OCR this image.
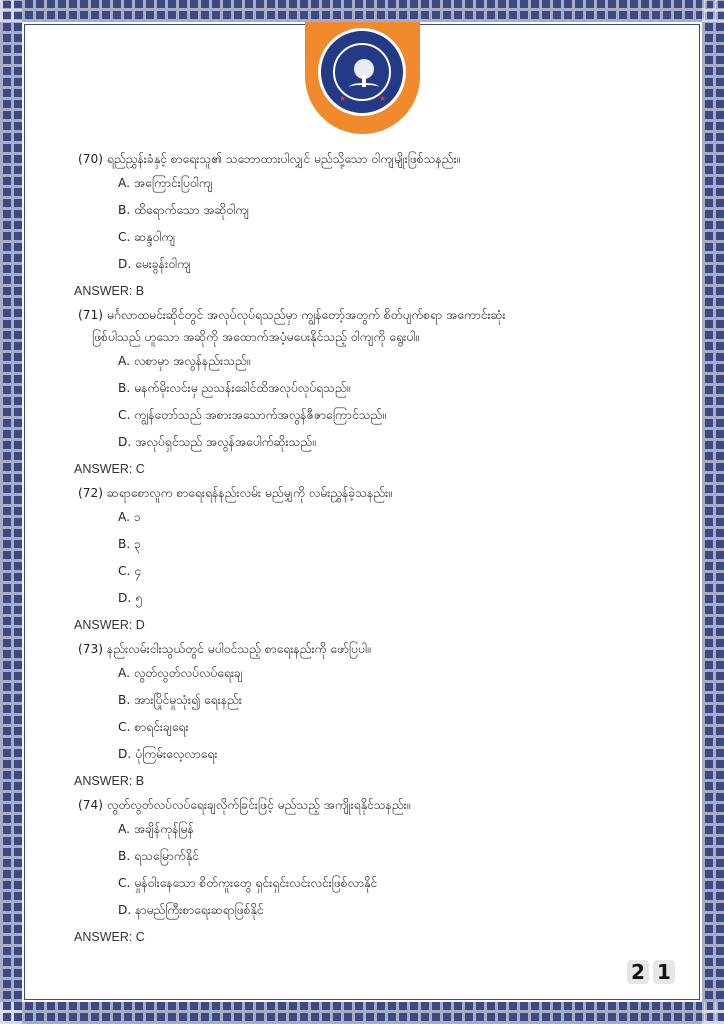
★	★

(70) ရည်ညွှန်းခံနှင့် စာရေးသူ၏ သဘောထားပါလျှင် မည်သို့သော ဝါကျမျိုးဖြစ်သနည်း။

A. အကြောင်းပြဝါကျ
B. ထိရောက်သော အဆိုဝါကျ
C. ဆန္ဒဝါကျ
D. မေးခွန်းဝါကျ
ANSWER: B

(71) မင်္ဂလာထမင်းဆိုင်တွင် အလုပ်လုပ်ရသည်မှာ ကျွန်တော့်အတွက် စိတ်ပျက်စရာ အကောင်းဆုံး

ဖြစ်ပါသည် ဟူသော အဆိုကို အထောက်အပံ့မပေးနိုင်သည့် ဝါကျကို ရွေးပါ။

A. လစာမှာ အလွန်နည်းသည်။
B. မနက်မိုးလင်းမှ ညသန်းခေါင်ထိအလုပ်လုပ်ရသည်။
C. ကျွန်တော်သည် အစားအသောက်အလွန်ဇီဇာကြောင်သည်။
D. အလုပ်ရှင်သည် အလွန်အပေါက်ဆိုးသည်။
ANSWER: C

(72) ဆရာစောလူက စာရေးရန်နည်းလမ်း မည်မျှကို လမ်းညွှန်ခဲ့သနည်း။

A. ၁
B. ၃
C. ၄
D. ၅
ANSWER: D

(73) နည်းလမ်းငါးသွယ်တွင် မပါဝင်သည့် စာရေးနည်းကို ဖော်ပြပါ။

A. လွတ်လွတ်လပ်လပ်ရေးချ
B. အားပြိုင်မှုသုံး၍ ရေးနည်း
C. စာရင်းချရေး
D. ပုံကြမ်းလေ့လာရေး
ANSWER: B

(74) လွတ်လွတ်လပ်လပ်ရေးချလိုက်ခြင်းဖြင့် မည်သည့် အကျိုးရနိုင်သနည်း။

A. အချိန်ကုန်မြန်
B. ရသမြောက်နိုင်
C. မှုန်ဝါးနေသော စိတ်ကူးတွေ ရှင်းရှင်းလင်းလင်းဖြစ်လာနိုင်
D. နာမည်ကြီးစာရေးဆရာဖြစ်နိုင်
ANSWER: C
2 1
